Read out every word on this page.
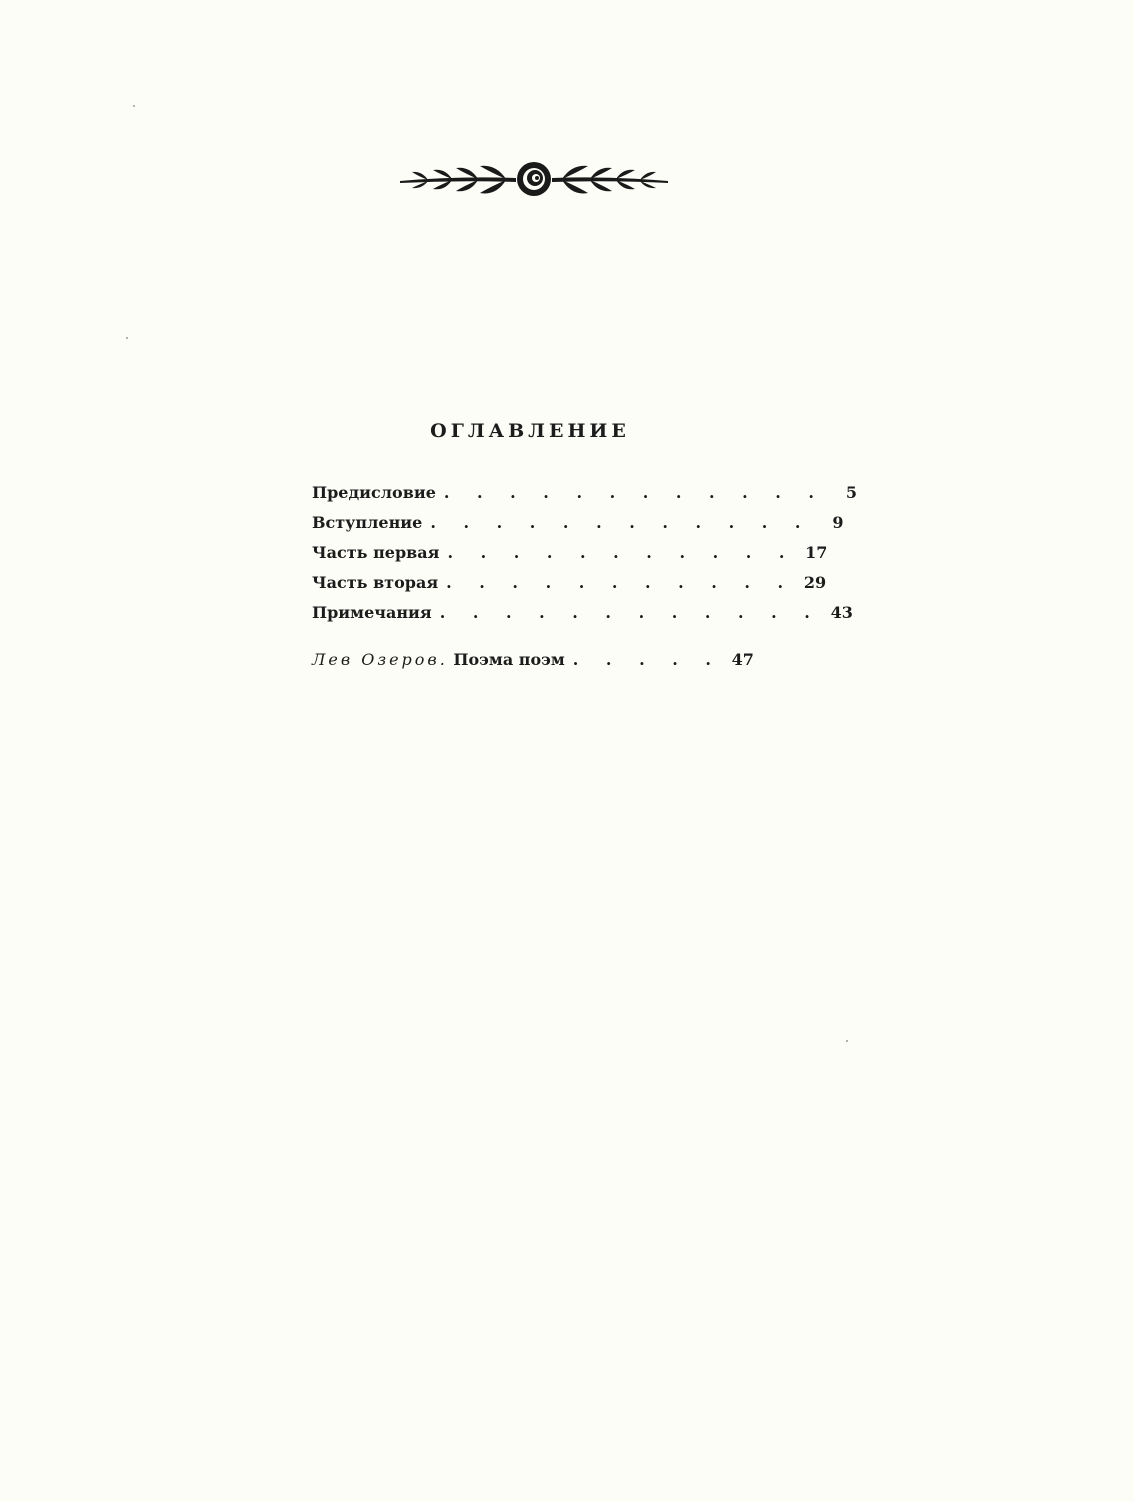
ОГЛАВЛЕНИЕ
Предисловие . . . . . . . . . . . .	5
Вступление . . . . . . . . . . . .	9
Часть первая . . . . . . . . . . . 17
Часть вторая . . . . . . . . . . . 29
Примечания . . . . . . . . . . . . 43
Лев Озеров. Поэма поэм . . . . . 47
